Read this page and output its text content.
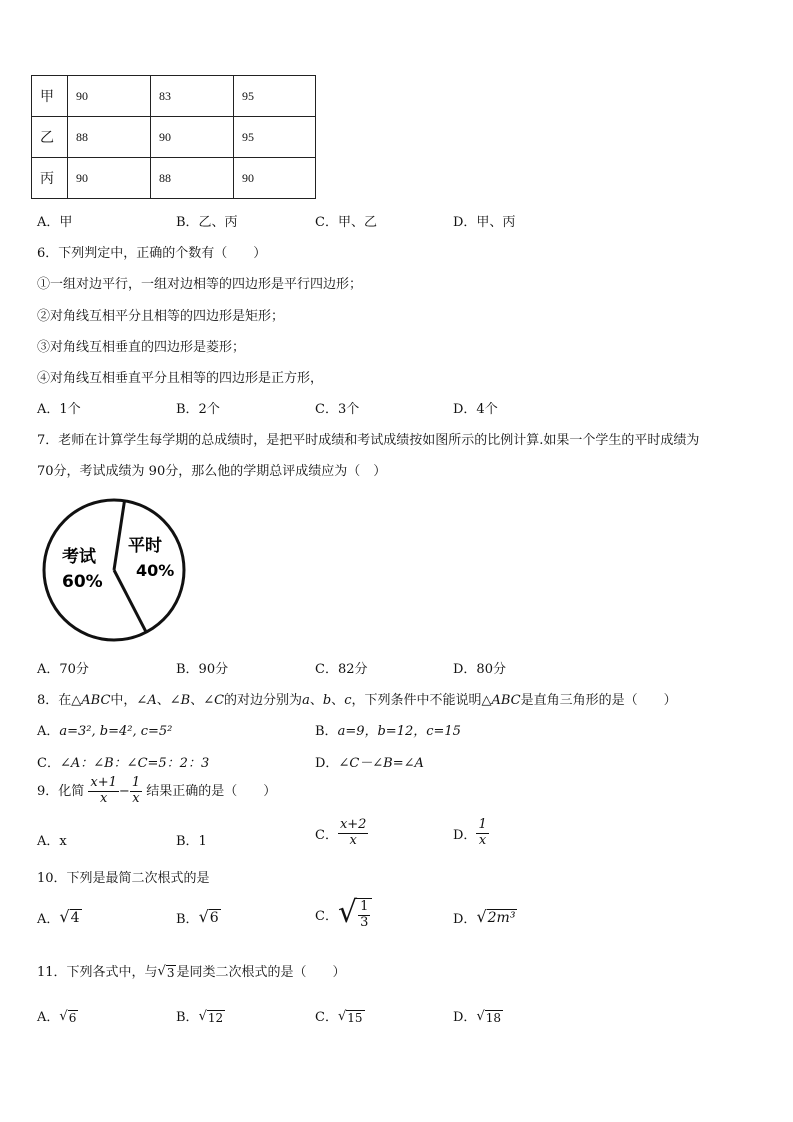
甲	90	83	95
乙	88	90	95
丙	90	88	90
A．甲	B．乙、丙	C．甲、乙	D．甲、丙
6．下列判定中，正确的个数有（　　）
①一组对边平行，一组对边相等的四边形是平行四边形；
②对角线互相平分且相等的四边形是矩形；
③对角线互相垂直的四边形是菱形；
④对角线互相垂直平分且相等的四边形是正方形，
A．1个	B．2个	C．3个	D．4个
7．老师在计算学生每学期的总成绩时，是把平时成绩和考试成绩按如图所示的比例计算.如果一个学生的平时成绩为
70分，考试成绩为 90分，那么他的学期总评成绩应为（　）
考试
60%
平时
40%
A．70分	B．90分	C．82分	D．80分
8．在△ABC中，∠A、∠B、∠C的对边分别为a、b、c，下列条件中不能说明△ABC是直角三角形的是（　　）
A．a=3², b=4², c=5²	B．a=9，b=12，c=15
C．∠A：∠B：∠C=5：2：3	D．∠C－∠B=∠A
9．化简 $\frac{x+1}{x} - \frac{1}{x}$ 结果正确的是（　　）
A．x	B．1	C． $\frac{x+2}{x}$	D． $\frac{1}{x}$
10．下列是最简二次根式的是
A． √ 4	B． √ 6	C． √ $\frac{1}{3}$	D． √ 2m³
11．下列各式中，与 √ 3 是同类二次根式的是（　　）
A． √ 6	B． √ 12	C． √ 15	D． √ 18
